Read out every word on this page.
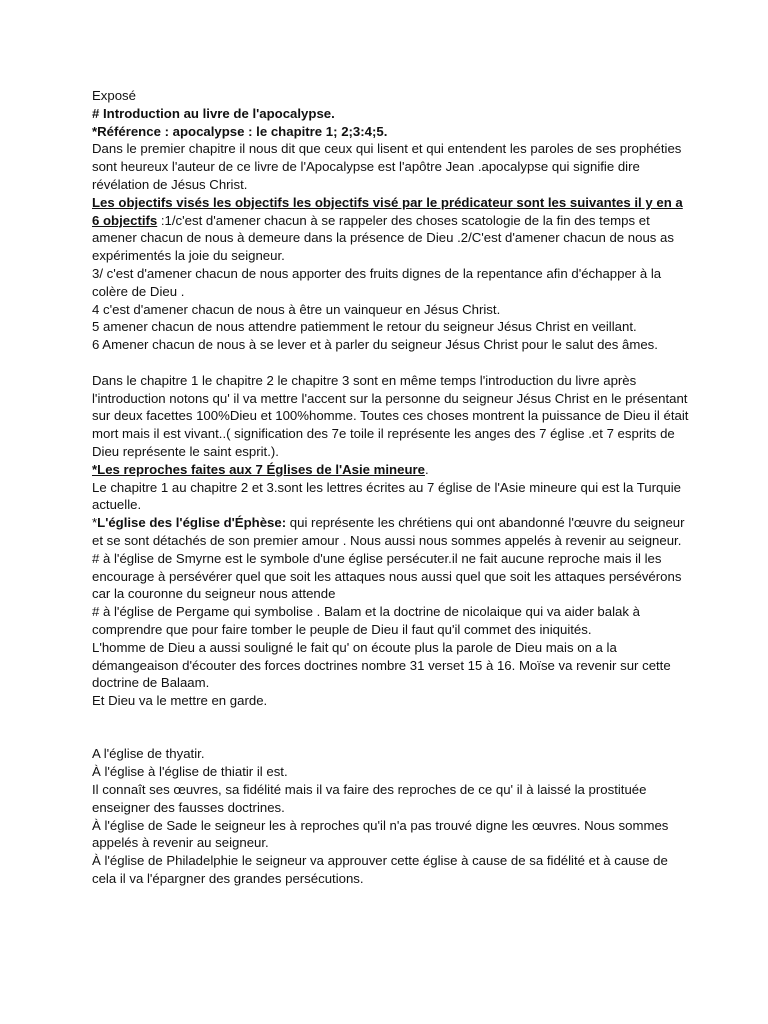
Exposé

# Introduction au livre de l'apocalypse.

*Référence : apocalypse : le chapitre 1; 2;3:4;5.

Dans le premier chapitre il nous dit que ceux qui lisent et qui entendent les paroles de ses prophéties sont heureux l'auteur de ce livre de l'Apocalypse est l'apôtre Jean .apocalypse qui signifie dire révélation de Jésus Christ.

Les objectifs visés les objectifs les objectifs visé par le prédicateur sont les suivantes il y en a 6 objectifs :1/c'est d'amener chacun à se rappeler des choses scatologie de la fin des temps et amener chacun de nous à demeure dans la présence de Dieu .2/C'est d'amener chacun de nous as expérimentés la joie du seigneur.

3/ c'est d'amener chacun de nous apporter des fruits dignes de la repentance afin d'échapper à la colère de Dieu .

4 c'est d'amener chacun de nous à être un vainqueur en Jésus Christ.

5 amener chacun de nous attendre patiemment le retour du seigneur Jésus Christ en veillant.

6 Amener chacun de nous à se lever et à parler du seigneur Jésus Christ pour le salut des âmes.

Dans le chapitre 1 le chapitre 2 le chapitre 3 sont en même temps l'introduction du livre après l'introduction notons qu' il va mettre l'accent sur la personne du seigneur Jésus Christ en le présentant sur deux facettes 100%Dieu et 100%homme. Toutes ces choses montrent la puissance de Dieu il était mort mais il est vivant..( signification des 7e toile il représente les anges des 7 église .et 7 esprits de Dieu représente le saint esprit.).

*Les reproches faites aux 7 Églises de l'Asie mineure.

Le chapitre 1 au chapitre 2 et 3.sont les lettres écrites au 7 église de l'Asie mineure qui est la Turquie actuelle.

*L'église des l'église d'Éphèse: qui représente les chrétiens qui ont abandonné l'œuvre du seigneur et se sont détachés de son premier amour . Nous aussi nous sommes appelés à revenir au seigneur.

# à l'église de Smyrne est le symbole d'une église persécuter.il ne fait aucune reproche mais il les encourage à persévérer quel que soit les attaques nous aussi quel que soit les attaques persévérons car la couronne du seigneur nous attende

# à l'église de Pergame qui symbolise . Balam et la doctrine de nicolaique qui va aider balak à comprendre que pour faire tomber le peuple de Dieu il faut qu'il commet des iniquités.

L'homme de Dieu a aussi souligné le fait qu' on écoute plus la parole de Dieu mais on a la démangeaison d'écouter des forces doctrines nombre 31 verset 15 à 16. Moïse va revenir sur cette doctrine de Balaam.

Et Dieu va le mettre en garde.

A l'église de thyatir.

À l'église à l'église de thiatir il est.

Il connaît ses œuvres, sa fidélité mais il va faire des reproches de ce qu' il à laissé la prostituée enseigner des fausses doctrines.

À l'église de Sade le seigneur les à reproches qu'il n'a pas trouvé digne les œuvres. Nous sommes appelés à revenir au seigneur.

À l'église de Philadelphie le seigneur va approuver cette église à cause de sa fidélité et à cause de cela il va l'épargner des grandes persécutions.
